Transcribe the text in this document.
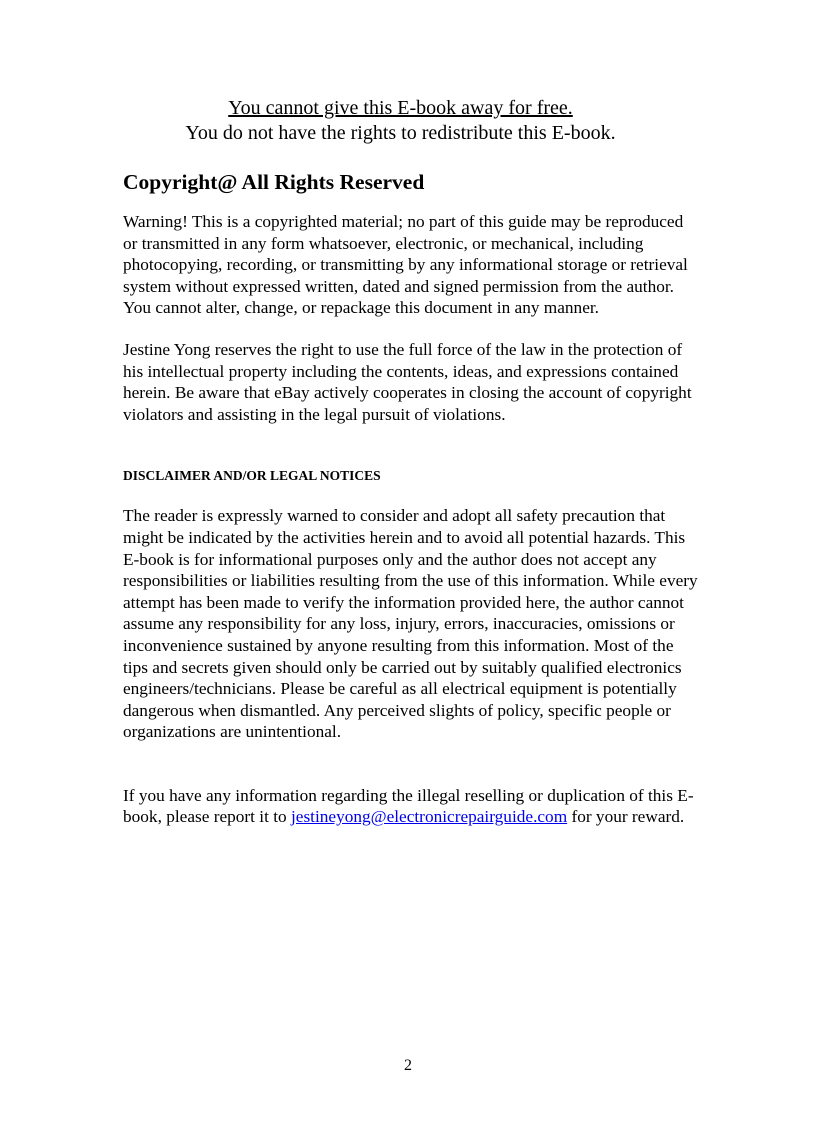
You cannot give this E-book away for free.
You do not have the rights to redistribute this E-book.
Copyright@ All Rights Reserved

Warning! This is a copyrighted material; no part of this guide may be reproduced or transmitted in any form whatsoever, electronic, or mechanical, including photocopying, recording, or transmitting by any informational storage or retrieval system without expressed written, dated and signed permission from the author. You cannot alter, change, or repackage this document in any manner.

Jestine Yong reserves the right to use the full force of the law in the protection of his intellectual property including the contents, ideas, and expressions contained herein. Be aware that eBay actively cooperates in closing the account of copyright violators and assisting in the legal pursuit of violations.

DISCLAIMER AND/OR LEGAL NOTICES

The reader is expressly warned to consider and adopt all safety precaution that might be indicated by the activities herein and to avoid all potential hazards. This E-book is for informational purposes only and the author does not accept any responsibilities or liabilities resulting from the use of this information. While every attempt has been made to verify the information provided here, the author cannot assume any responsibility for any loss, injury, errors, inaccuracies, omissions or inconvenience sustained by anyone resulting from this information. Most of the tips and secrets given should only be carried out by suitably qualified electronics engineers/technicians. Please be careful as all electrical equipment is potentially dangerous when dismantled. Any perceived slights of policy, specific people or organizations are unintentional.

If you have any information regarding the illegal reselling or duplication of this E-book, please report it to jestineyong@electronicrepairguide.com for your reward.

2
